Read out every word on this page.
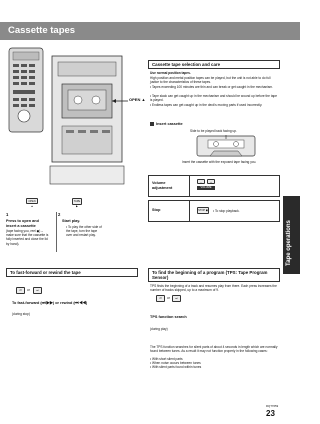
Cassette tapes
Tape operations
OPEN ▲
OPEN ▲
1
Press to open and insert a cassette
(tape facing you, reel ◼) – make sure that the cassette is fully inserted and close the lid by hand).
TAPE ▶
2
Start play.
• To play the other side of the tape, turn the tape over and restart play.
Cassette tape selection and care
Use normal position tapes.
High position and metal position tapes can be played, but the unit is not able to do full justice to the characteristics of these tapes.
• Tapes exceeding 100 minutes are thin and can break or get caught in the mechanism.
• Tape slack can get caught up in the mechanism and should be wound up before the tape is played.
• Endless tapes can get caught up in the deck's moving parts if used incorrectly.
Insert cassette
Side to be played back facing up.
Insert the cassette with the exposed tape facing you.
Volume adjustment
–	+
VOLUME
Stop	STOP ◼	• To stop playback.
To fast-forward or rewind the tape
⏮	or	⏭
To fast-forward (⏭/▶▶) or rewind (⏮/◀◀)
(during stop)
To find the beginning of a program (TPS: Tape Program Sensor)
TPS finds the beginning of a track and resumes play from there. Each press increases the number of tracks skipped, up to a maximum of 9.
⏮	or	⏭
TPS function search
(during play)
The TPS function searches for silent parts of about 4 seconds in length which are normally found between tunes. As a result it may not function properly in the following cases:
• With short silent parts
• When noise occurs between tunes
• With silent parts found within tunes
RQT7659
23
